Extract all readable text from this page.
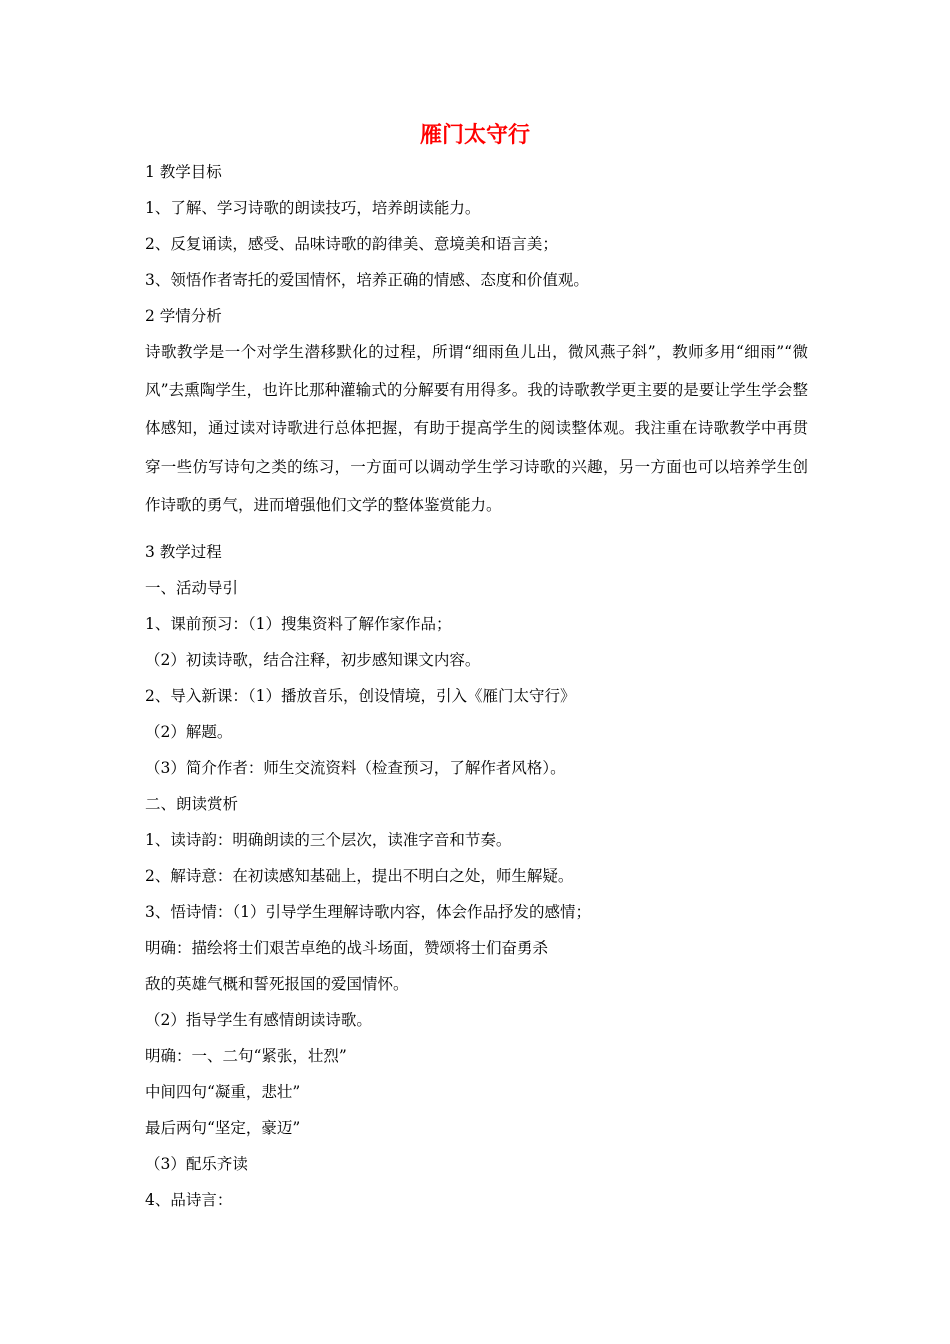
雁门太守行
1 教学目标
1、了解、学习诗歌的朗读技巧，培养朗读能力。
2、反复诵读，感受、品味诗歌的韵律美、意境美和语言美；
3、领悟作者寄托的爱国情怀，培养正确的情感、态度和价值观。
2 学情分析
诗歌教学是一个对学生潜移默化的过程，所谓“细雨鱼儿出，微风燕子斜”，教师多用“细雨”“微风”去熏陶学生，也许比那种灌输式的分解要有用得多。我的诗歌教学更主要的是要让学生学会整体感知，通过读对诗歌进行总体把握，有助于提高学生的阅读整体观。我注重在诗歌教学中再贯穿一些仿写诗句之类的练习，一方面可以调动学生学习诗歌的兴趣，另一方面也可以培养学生创作诗歌的勇气，进而增强他们文学的整体鉴赏能力。
3 教学过程
一、活动导引
1、课前预习：（1）搜集资料了解作家作品；
（2）初读诗歌，结合注释，初步感知课文内容。
2、导入新课：（1）播放音乐，创设情境，引入《雁门太守行》
（2）解题。
（3）简介作者：师生交流资料（检查预习，了解作者风格）。
二、朗读赏析
1、读诗韵：明确朗读的三个层次，读准字音和节奏。
2、解诗意：在初读感知基础上，提出不明白之处，师生解疑。
3、悟诗情：（1）引导学生理解诗歌内容，体会作品抒发的感情；
明确：描绘将士们艰苦卓绝的战斗场面，赞颂将士们奋勇杀
敌的英雄气概和誓死报国的爱国情怀。
（2）指导学生有感情朗读诗歌。
明确：一、二句“紧张，壮烈”
中间四句“凝重，悲壮”
最后两句“坚定，豪迈”
（3）配乐齐读
4、品诗言：
